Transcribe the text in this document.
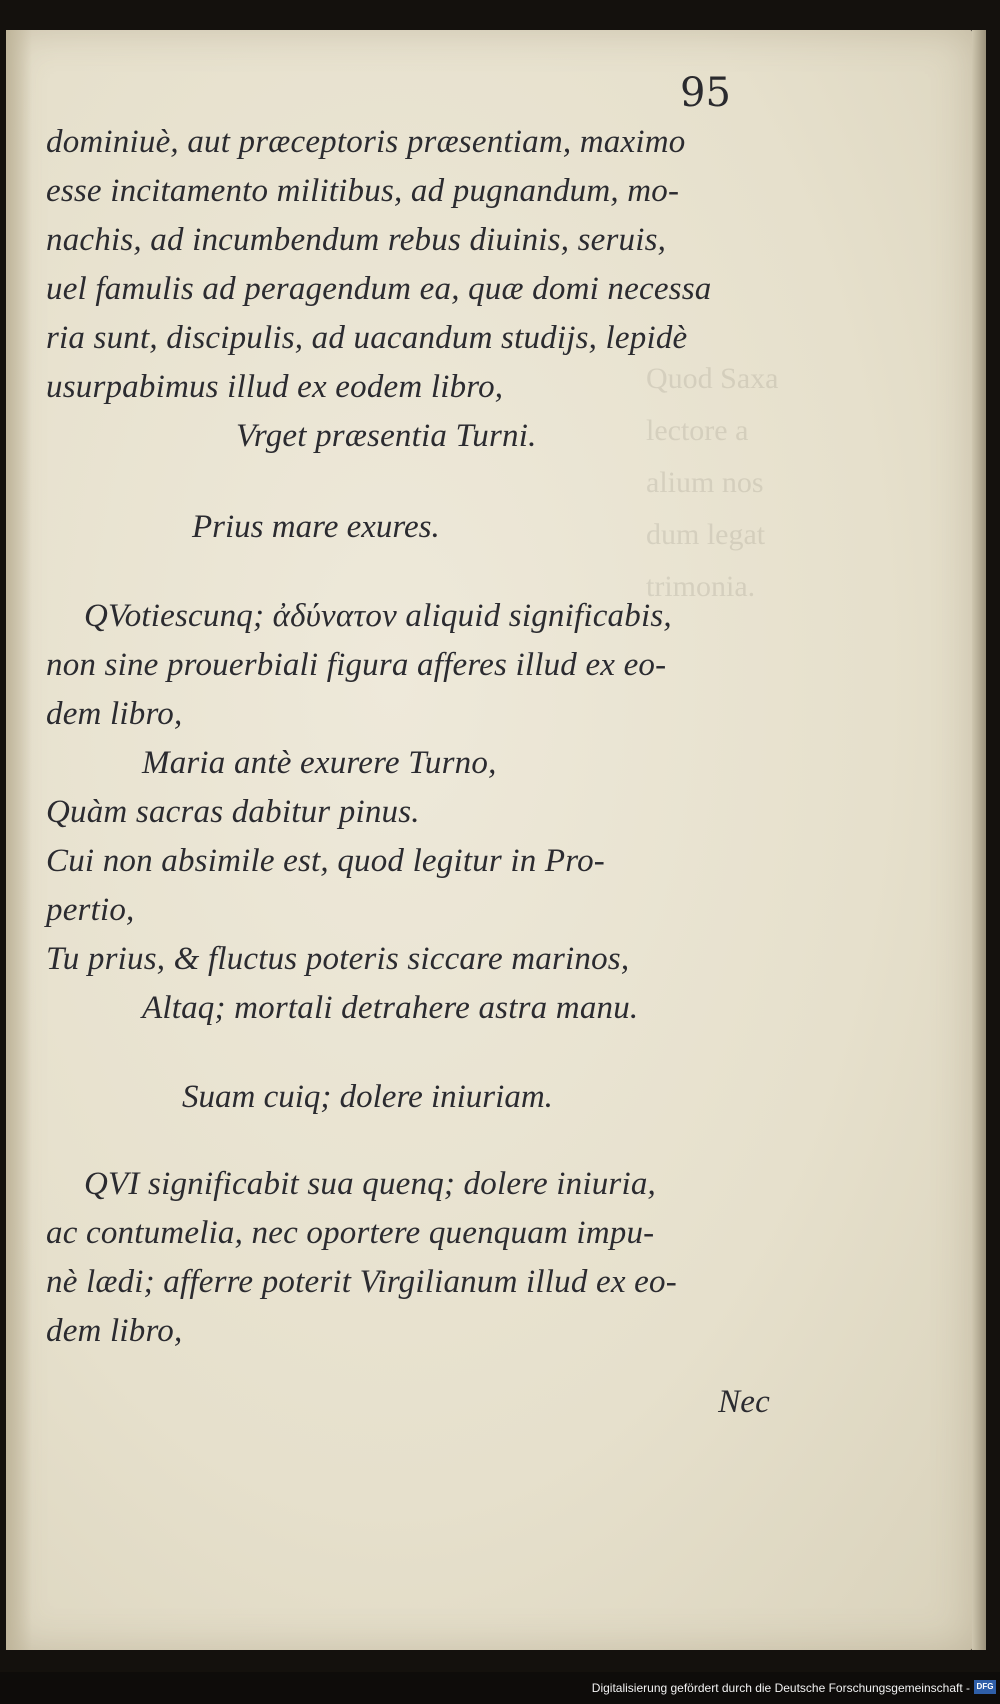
Quod Saxa
lectore a
alium nos
dum legat
trimonia.
95
dominiuè, aut præceptoris præsentiam, maximo
esse incitamento militibus, ad pugnandum, mo-
nachis, ad incumbendum rebus diuinis, seruis,
uel famulis ad peragendum ea, quæ domi necessa
ria sunt, discipulis, ad uacandum studijs, lepidè
usurpabimus illud ex eodem libro,
Vrget præsentia Turni.
Prius mare exures.
QVotiescunq; ἀδύνατον aliquid significabis,
non sine prouerbiali figura afferes illud ex eo-
dem libro,
Maria antè exurere Turno,
Quàm sacras dabitur pinus.
Cui non absimile est, quod legitur in Pro-
pertio,
Tu prius, & fluctus poteris siccare marinos,
Altaq; mortali detrahere astra manu.
Suam cuiq; dolere iniuriam.
QVI significabit sua quenq; dolere iniuria,
ac contumelia, nec oportere quenquam impu-
nè lædi; afferre poterit Virgilianum illud ex eo-
dem libro,
Nec
Digitalisierung gefördert durch die Deutsche Forschungsgemeinschaft - DFG
